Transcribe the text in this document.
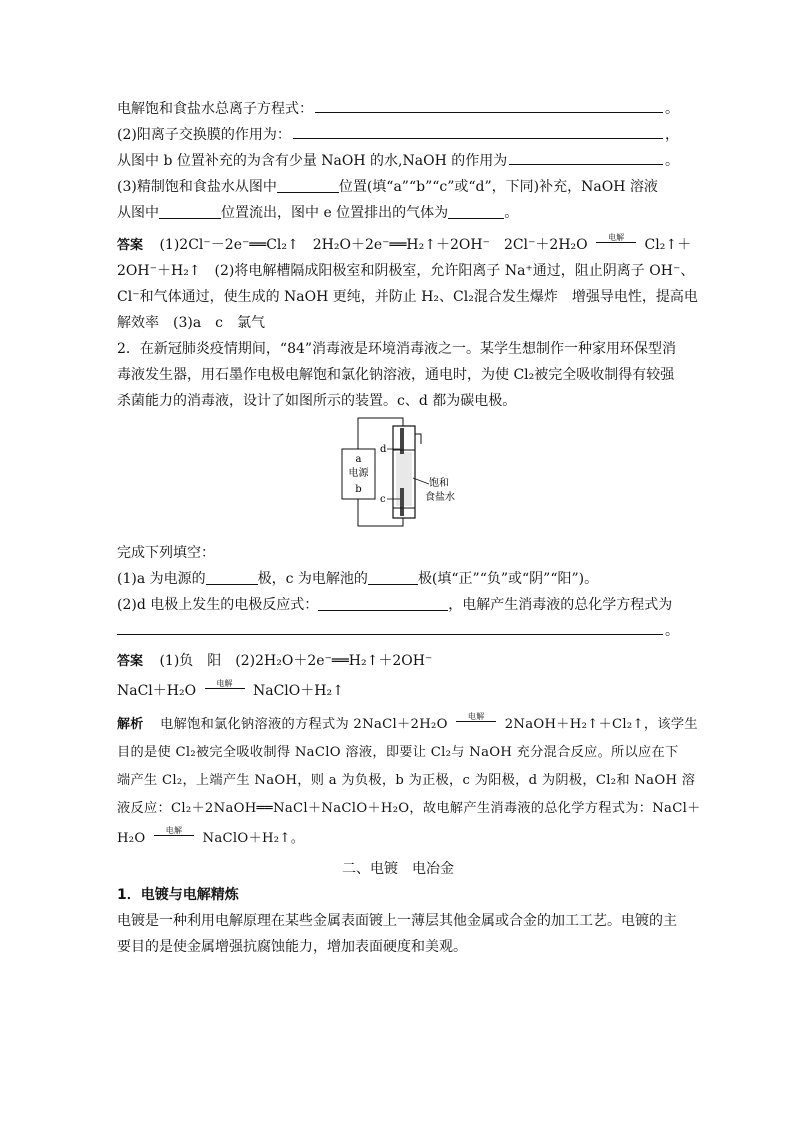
电解饱和食盐水总离子方程式：	。
(2)阳离子交换膜的作用为：	，
从图中 b 位置补充的为含有少量 NaOH 的水,NaOH 的作用为	。
(3)精制饱和食盐水从图中	位置(填“a”“b”“c”或“d”，下同)补充，NaOH 溶液
从图中	位置流出，图中 e 位置排出的气体为	。
答案 (1)2Cl⁻－2e⁻══Cl₂↑　2H₂O＋2e⁻══H₂↑＋2OH⁻　2Cl⁻＋2H₂O	电解	Cl₂↑＋
2OH⁻＋H₂↑　(2)将电解槽隔成阳极室和阴极室，允许阳离子 Na⁺通过，阻止阴离子 OH⁻、
Cl⁻和气体通过，使生成的 NaOH 更纯，并防止 H₂、Cl₂混合发生爆炸　增强导电性，提高电
解效率　(3)a　c　氯气
2．在新冠肺炎疫情期间，“84”消毒液是环境消毒液之一。某学生想制作一种家用环保型消
毒液发生器，用石墨作电极电解饱和氯化钠溶液，通电时，为使 Cl₂被完全吸收制得有较强
杀菌能力的消毒液，设计了如图所示的装置。c、d 都为碳电极。
a
电源
b
d
c
饱和
食盐水
完成下列填空：
(1)a 为电源的	极，c 为电解池的	极(填“正”“负”或“阴”“阳”)。
(2)d 电极上发生的电极反应式：	，电解产生消毒液的总化学方程式为
。
答案 (1)负　阳　(2)2H₂O＋2e⁻══H₂↑＋2OH⁻
NaCl＋H₂O	电解	NaClO＋H₂↑
解析 电解饱和氯化钠溶液的方程式为 2NaCl＋2H₂O
电解
2NaOH＋H₂↑＋Cl₂↑，该学生
目的是使 Cl₂被完全吸收制得 NaClO 溶液，即要让 Cl₂与 NaOH 充分混合反应。所以应在下
端产生 Cl₂，上端产生 NaOH，则 a 为负极，b 为正极，c 为阳极，d 为阴极，Cl₂和 NaOH 溶
液反应：Cl₂＋2NaOH══NaCl＋NaClO＋H₂O，故电解产生消毒液的总化学方程式为：NaCl＋
H₂O
电解
NaClO＋H₂↑。
二、电镀　电冶金
1．电镀与电解精炼
电镀是一种利用电解原理在某些金属表面镀上一薄层其他金属或合金的加工工艺。电镀的主
要目的是使金属增强抗腐蚀能力，增加表面硬度和美观。
